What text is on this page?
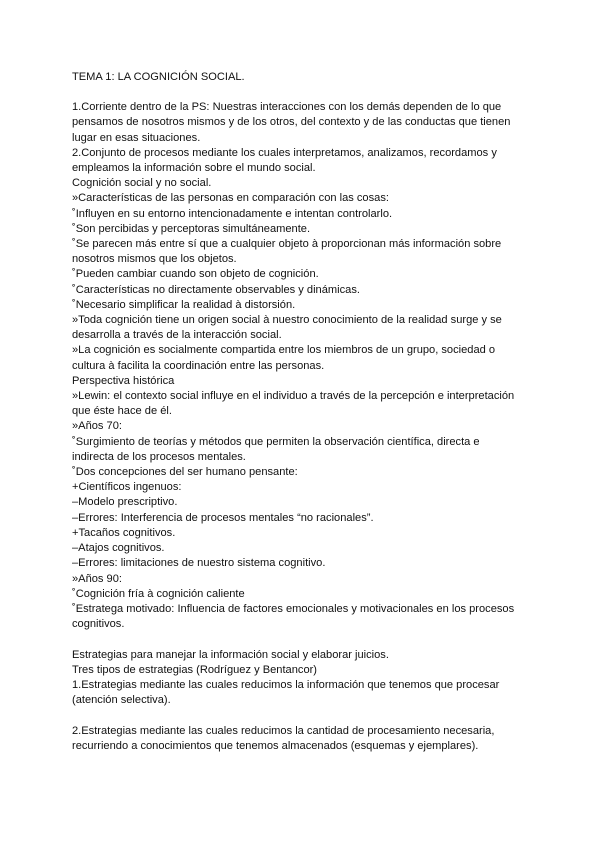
TEMA 1: LA COGNICIÓN SOCIAL.
1.Corriente dentro de la PS: Nuestras interacciones con los demás dependen de lo que
pensamos de nosotros mismos y de los otros, del contexto y de las conductas que tienen
lugar en esas situaciones.
2.Conjunto de procesos mediante los cuales interpretamos, analizamos, recordamos y
empleamos la información sobre el mundo social.
Cognición social y no social.
»Características de las personas en comparación con las cosas:
˚Influyen en su entorno intencionadamente e intentan controlarlo.
˚Son percibidas y perceptoras simultáneamente.
˚Se parecen más entre sí que a cualquier objeto à proporcionan más información sobre
nosotros mismos que los objetos.
˚Pueden cambiar cuando son objeto de cognición.
˚Características no directamente observables y dinámicas.
˚Necesario simplificar la realidad à distorsión.
»Toda cognición tiene un origen social à nuestro conocimiento de la realidad surge y se
desarrolla a través de la interacción social.
»La cognición es socialmente compartida entre los miembros de un grupo, sociedad o
cultura à facilita la coordinación entre las personas.
Perspectiva histórica
»Lewin: el contexto social influye en el individuo a través de la percepción e interpretación
que éste hace de él.
»Años 70:
˚Surgimiento de teorías y métodos que permiten la observación científica, directa e
indirecta de los procesos mentales.
˚Dos concepciones del ser humano pensante:
+Científicos ingenuos:
–Modelo prescriptivo.
–Errores: Interferencia de procesos mentales “no racionales”.
+Tacaños cognitivos.
–Atajos cognitivos.
–Errores: limitaciones de nuestro sistema cognitivo.
»Años 90:
˚Cognición fría à cognición caliente
˚Estratega motivado: Influencia de factores emocionales y motivacionales en los procesos
cognitivos.
Estrategias para manejar la información social y elaborar juicios.
Tres tipos de estrategias (Rodríguez y Bentancor)
1.Estrategias mediante las cuales reducimos la información que tenemos que procesar
(atención selectiva).
2.Estrategias mediante las cuales reducimos la cantidad de procesamiento necesaria,
recurriendo a conocimientos que tenemos almacenados (esquemas y ejemplares).
